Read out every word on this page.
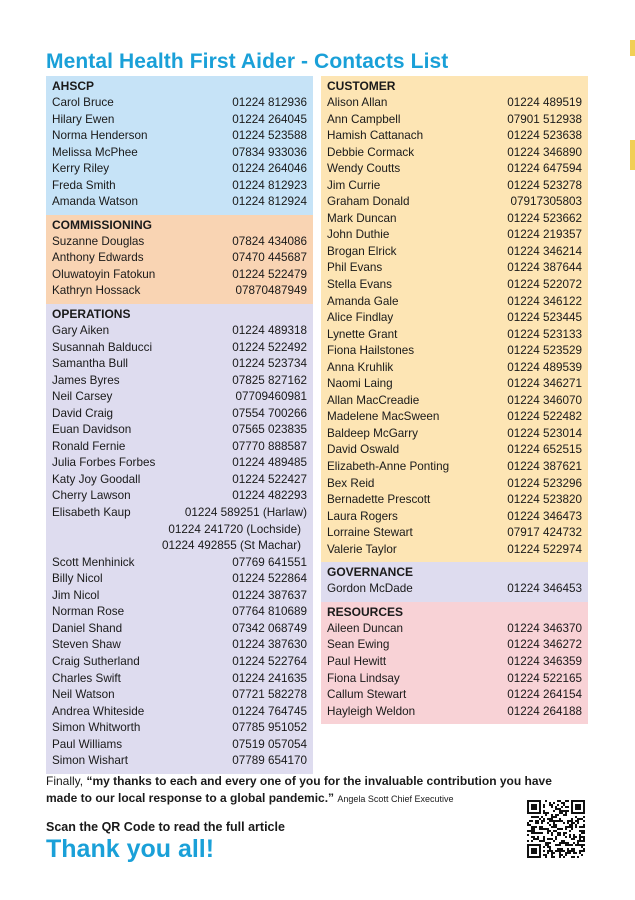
Mental Health First Aider - Contacts List
AHSCP
Carol Bruce	01224 812936
Hilary Ewen	01224 264045
Norma Henderson	01224 523588
Melissa McPhee	07834 933036
Kerry Riley	01224 264046
Freda Smith	01224 812923
Amanda Watson	01224 812924
COMMISSIONING
Suzanne Douglas	07824 434086
Anthony Edwards	07470 445687
Oluwatoyin Fatokun	01224 522479
Kathryn Hossack	07870487949
OPERATIONS
Gary Aiken	01224 489318
Susannah Balducci	01224 522492
Samantha Bull	01224 523734
James Byres	07825 827162
Neil Carsey	07709460981
David Craig	07554 700266
Euan Davidson	07565 023835
Ronald Fernie	07770 888587
Julia Forbes Forbes	01224 489485
Katy Joy Goodall	01224 522427
Cherry Lawson	01224 482293
Elisabeth Kaup	01224 589251 (Harlaw)
01224 241720 (Lochside)
01224 492855 (St Machar)
Scott Menhinick	07769 641551
Billy Nicol	01224 522864
Jim Nicol	01224 387637
Norman Rose	07764 810689
Daniel Shand	07342 068749
Steven Shaw	01224 387630
Craig Sutherland	01224 522764
Charles Swift	01224 241635
Neil Watson	07721 582278
Andrea Whiteside	01224 764745
Simon Whitworth	07785 951052
Paul Williams	07519 057054
Simon Wishart	07789 654170
CUSTOMER
Alison Allan	01224 489519
Ann Campbell	07901 512938
Hamish Cattanach	01224 523638
Debbie Cormack	01224 346890
Wendy Coutts	01224 647594
Jim Currie	01224 523278
Graham Donald	07917305803
Mark Duncan	01224 523662
John Duthie	01224 219357
Brogan Elrick	01224 346214
Phil Evans	01224 387644
Stella Evans	01224 522072
Amanda Gale	01224 346122
Alice Findlay	01224 523445
Lynette Grant	01224 523133
Fiona Hailstones	01224 523529
Anna Kruhlik	01224 489539
Naomi Laing	01224 346271
Allan MacCreadie	01224 346070
Madelene MacSween	01224 522482
Baldeep McGarry	01224 523014
David Oswald	01224 652515
Elizabeth-Anne Ponting	01224 387621
Bex Reid	01224 523296
Bernadette Prescott	01224 523820
Laura Rogers	01224 346473
Lorraine Stewart	07917 424732
Valerie Taylor	01224 522974
GOVERNANCE
Gordon McDade	01224 346453
RESOURCES
Aileen Duncan	01224 346370
Sean Ewing	01224 346272
Paul Hewitt	01224 346359
Fiona Lindsay	01224 522165
Callum Stewart	01224 264154
Hayleigh Weldon	01224 264188
Finally, “my thanks to each and every one of you for the invaluable contribution you have made to our local response to a global pandemic.” Angela Scott Chief Executive
Scan the QR Code to read the full article
Thank you all!
